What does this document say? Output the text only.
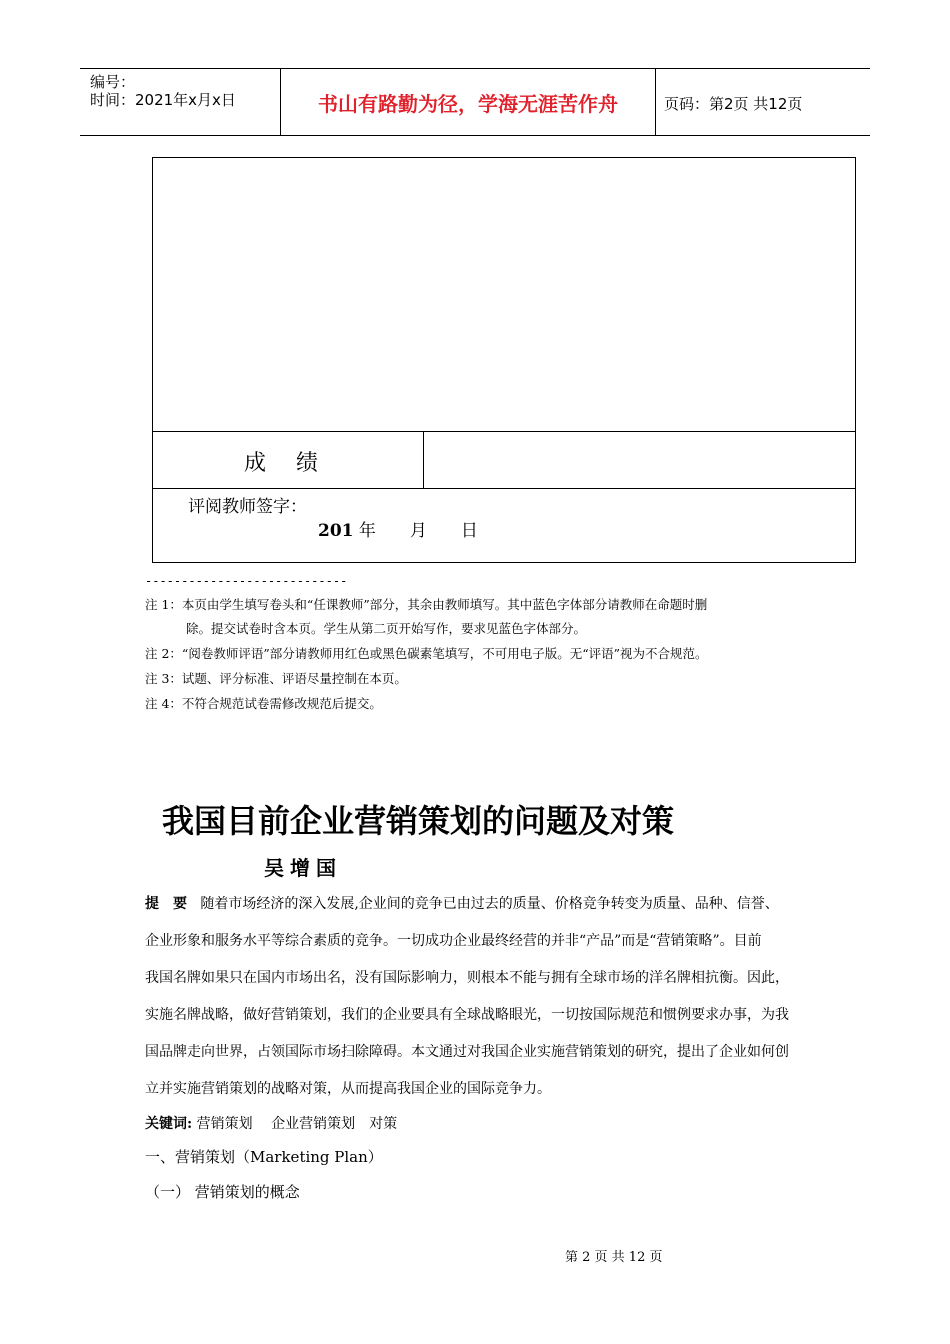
编号：
时间：2021年x月x日	书山有路勤为径，学海无涯苦作舟	页码：第2页 共12页
成绩
评阅教师签字：
201 年　　月　　日
----------------------------
注 1：本页由学生填写卷头和“任课教师”部分，其余由教师填写。其中蓝色字体部分请教师在命题时删
除。提交试卷时含本页。学生从第二页开始写作，要求见蓝色字体部分。
注 2：“阅卷教师评语”部分请教师用红色或黑色碳素笔填写，不可用电子版。无“评语”视为不合规范。
注 3：试题、评分标准、评语尽量控制在本页。
注 4：不符合规范试卷需修改规范后提交。
我国目前企业营销策划的问题及对策
吴增国
提　要 随着市场经济的深入发展,企业间的竞争已由过去的质量、价格竞争转变为质量、品种、信誉、
企业形象和服务水平等综合素质的竞争。一切成功企业最终经营的并非“产品”而是“营销策略”。目前
我国名牌如果只在国内市场出名，没有国际影响力，则根本不能与拥有全球市场的洋名牌相抗衡。因此，
实施名牌战略，做好营销策划，我们的企业要具有全球战略眼光，一切按国际规范和惯例要求办事，为我
国品牌走向世界，占领国际市场扫除障碍。本文通过对我国企业实施营销策划的研究，提出了企业如何创
立并实施营销策划的战略对策，从而提高我国企业的国际竞争力。
关键词: 营销策划　 企业营销策划　对策
一、营销策划（Marketing Plan）
（一） 营销策划的概念
第 2 页 共 12 页
